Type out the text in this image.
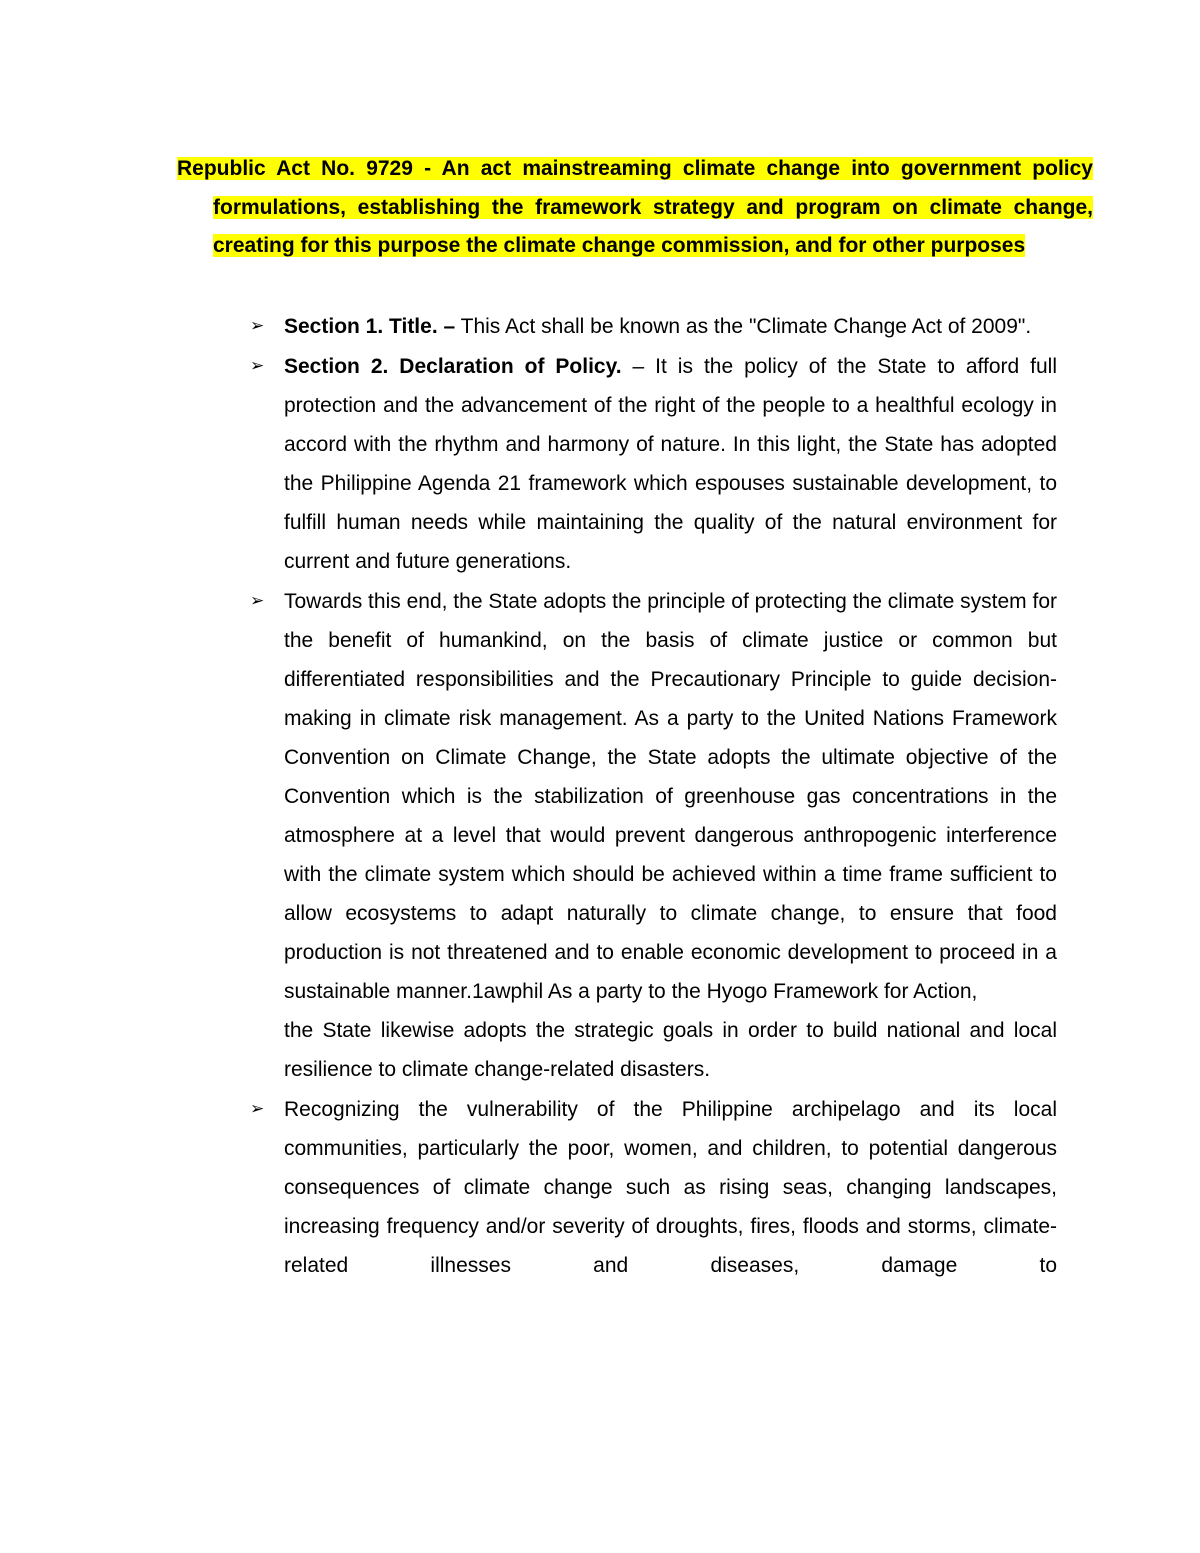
Republic Act No. 9729 - An act mainstreaming climate change into government policy formulations, establishing the framework strategy and program on climate change, creating for this purpose the climate change commission, and for other purposes
➢ Section 1. Title. – This Act shall be known as the "Climate Change Act of 2009".

➢ Section 2. Declaration of Policy. – It is the policy of the State to afford full protection and the advancement of the right of the people to a healthful ecology in accord with the rhythm and harmony of nature. In this light, the State has adopted the Philippine Agenda 21 framework which espouses sustainable development, to fulfill human needs while maintaining the quality of the natural environment for current and future generations.

➢ Towards this end, the State adopts the principle of protecting the climate system for the benefit of humankind, on the basis of climate justice or common but differentiated responsibilities and the Precautionary Principle to guide decision-making in climate risk management. As a party to the United Nations Framework Convention on Climate Change, the State adopts the ultimate objective of the Convention which is the stabilization of greenhouse gas concentrations in the atmosphere at a level that would prevent dangerous anthropogenic interference with the climate system which should be achieved within a time frame sufficient to allow ecosystems to adapt naturally to climate change, to ensure that food production is not threatened and to enable economic development to proceed in a sustainable manner.1awphil As a party to the Hyogo Framework for Action,

the State likewise adopts the strategic goals in order to build national and local resilience to climate change-related disasters.

➢ Recognizing the vulnerability of the Philippine archipelago and its local communities, particularly the poor, women, and children, to potential dangerous consequences of climate change such as rising seas, changing landscapes, increasing frequency and/or severity of droughts, fires, floods and storms, climate-related illnesses and diseases, damage to
